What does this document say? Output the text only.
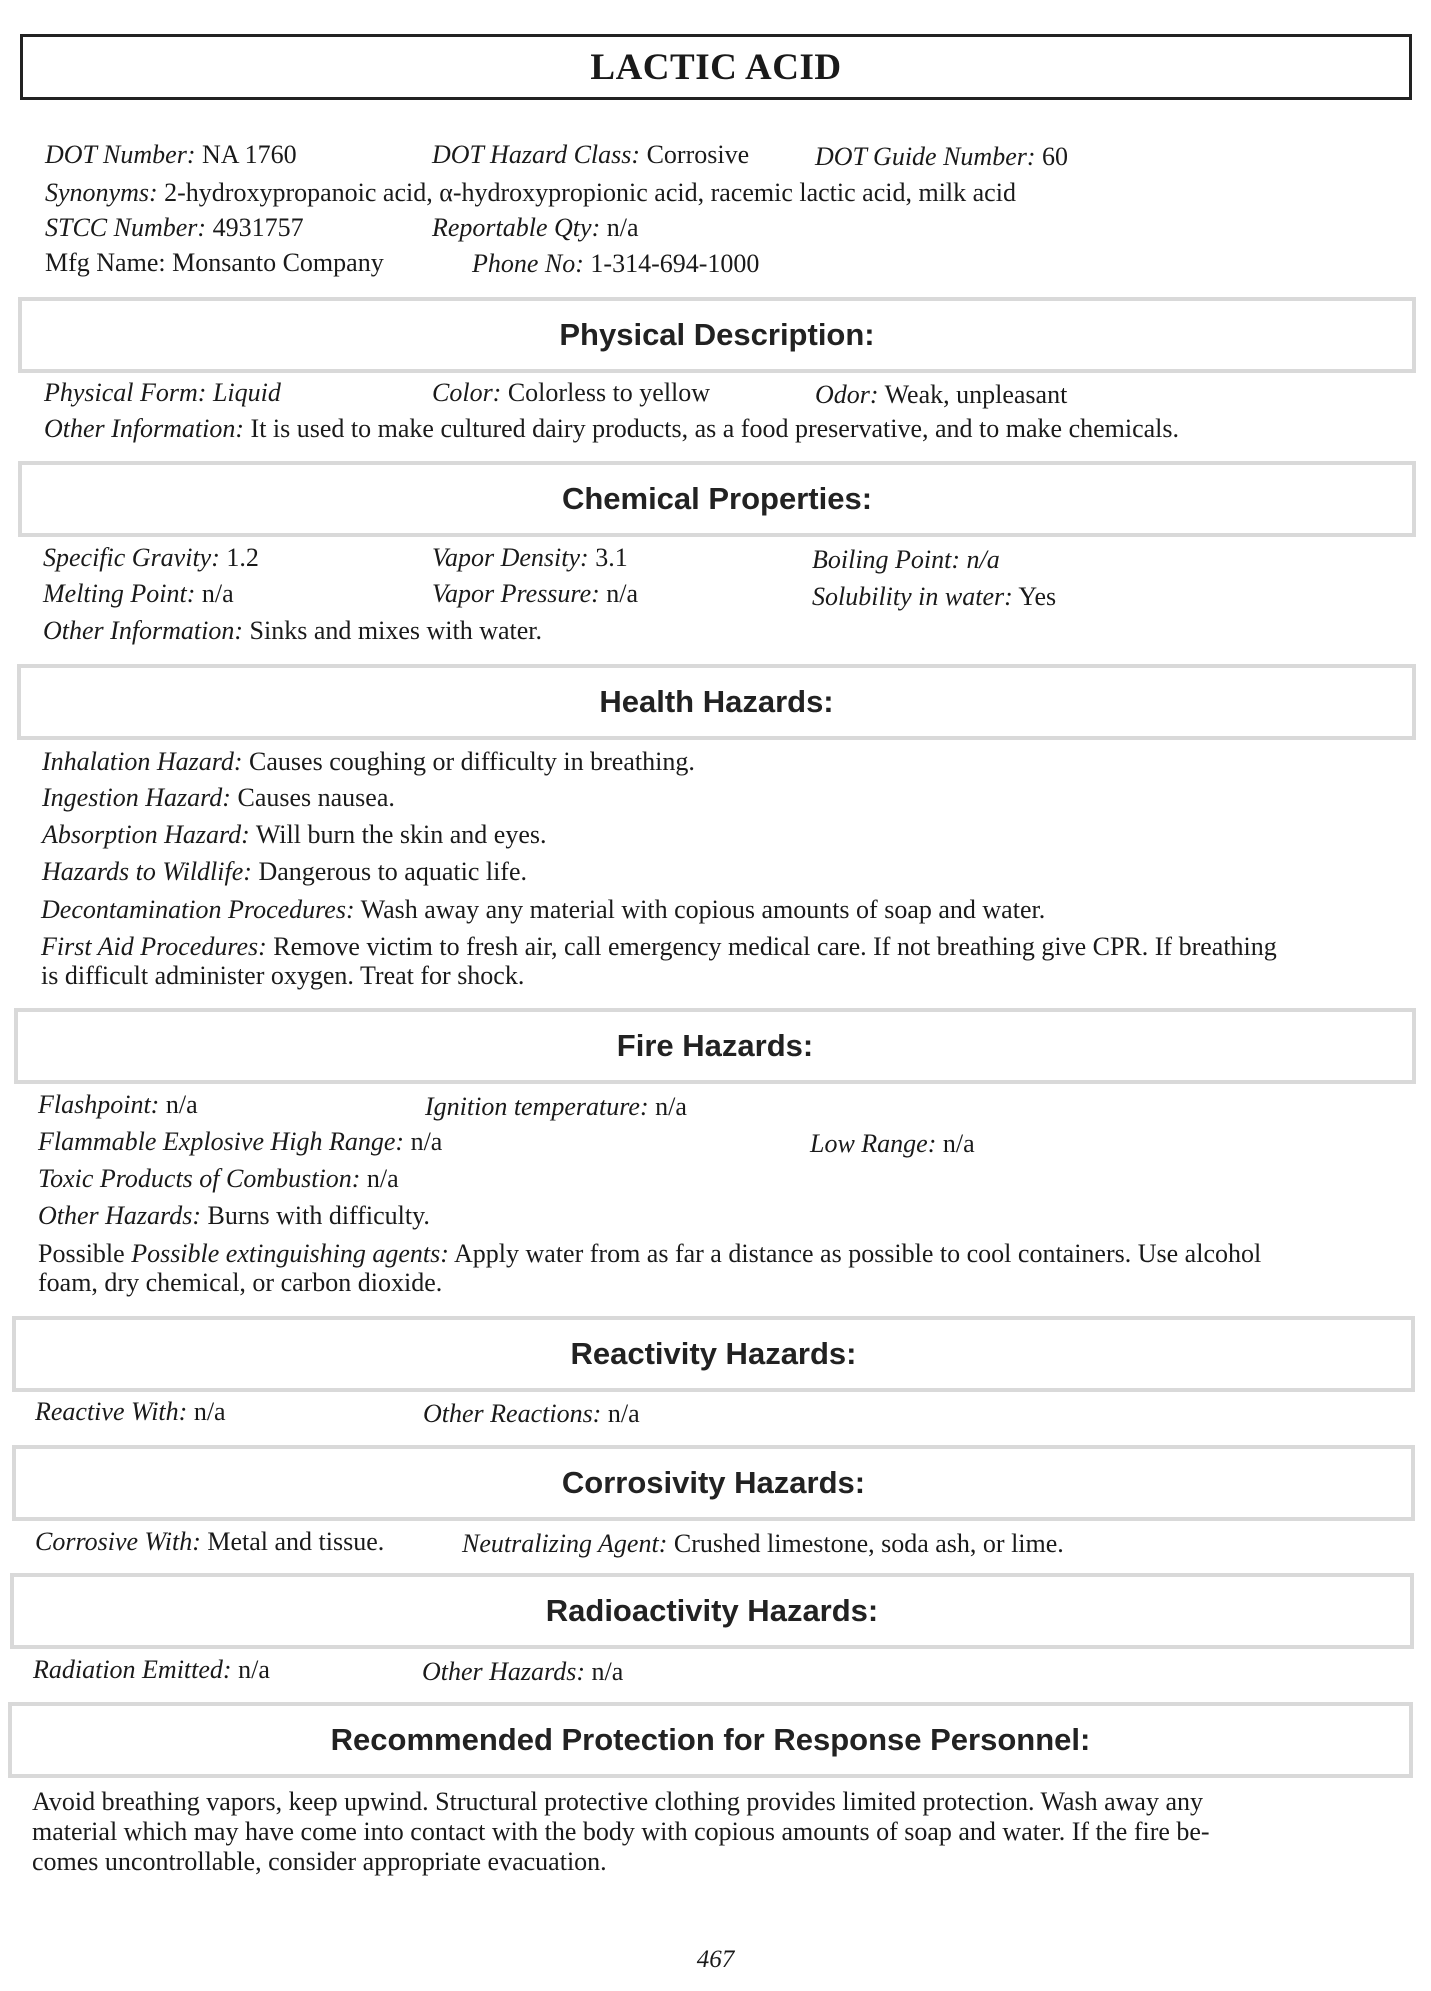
LACTIC ACID
DOT Number: NA 1760	DOT Hazard Class: Corrosive	DOT Guide Number: 60
Synonyms: 2-hydroxypropanoic acid, α-hydroxypropionic acid, racemic lactic acid, milk acid
STCC Number: 4931757	Reportable Qty: n/a
Mfg Name: Monsanto Company	Phone No: 1-314-694-1000
Physical Description:
Physical Form: Liquid	Color: Colorless to yellow	Odor: Weak, unpleasant
Other Information: It is used to make cultured dairy products, as a food preservative, and to make chemicals.
Chemical Properties:
Specific Gravity: 1.2	Vapor Density: 3.1	Boiling Point: n/a
Melting Point: n/a	Vapor Pressure: n/a	Solubility in water: Yes
Other Information: Sinks and mixes with water.
Health Hazards:
Inhalation Hazard: Causes coughing or difficulty in breathing.
Ingestion Hazard: Causes nausea.
Absorption Hazard: Will burn the skin and eyes.
Hazards to Wildlife: Dangerous to aquatic life.
Decontamination Procedures: Wash away any material with copious amounts of soap and water.
First Aid Procedures: Remove victim to fresh air, call emergency medical care. If not breathing give CPR. If breathing
is difficult administer oxygen. Treat for shock.
Fire Hazards:
Flashpoint: n/a	Ignition temperature: n/a
Flammable Explosive High Range: n/a	Low Range: n/a
Toxic Products of Combustion: n/a
Other Hazards: Burns with difficulty.
Possible Possible extinguishing agents: Apply water from as far a distance as possible to cool containers. Use alcohol
foam, dry chemical, or carbon dioxide.
Reactivity Hazards:
Reactive With: n/a	Other Reactions: n/a
Corrosivity Hazards:
Corrosive With: Metal and tissue.	Neutralizing Agent: Crushed limestone, soda ash, or lime.
Radioactivity Hazards:
Radiation Emitted: n/a	Other Hazards: n/a
Recommended Protection for Response Personnel:
Avoid breathing vapors, keep upwind. Structural protective clothing provides limited protection. Wash away any
material which may have come into contact with the body with copious amounts of soap and water. If the fire be-
comes uncontrollable, consider appropriate evacuation.
467
